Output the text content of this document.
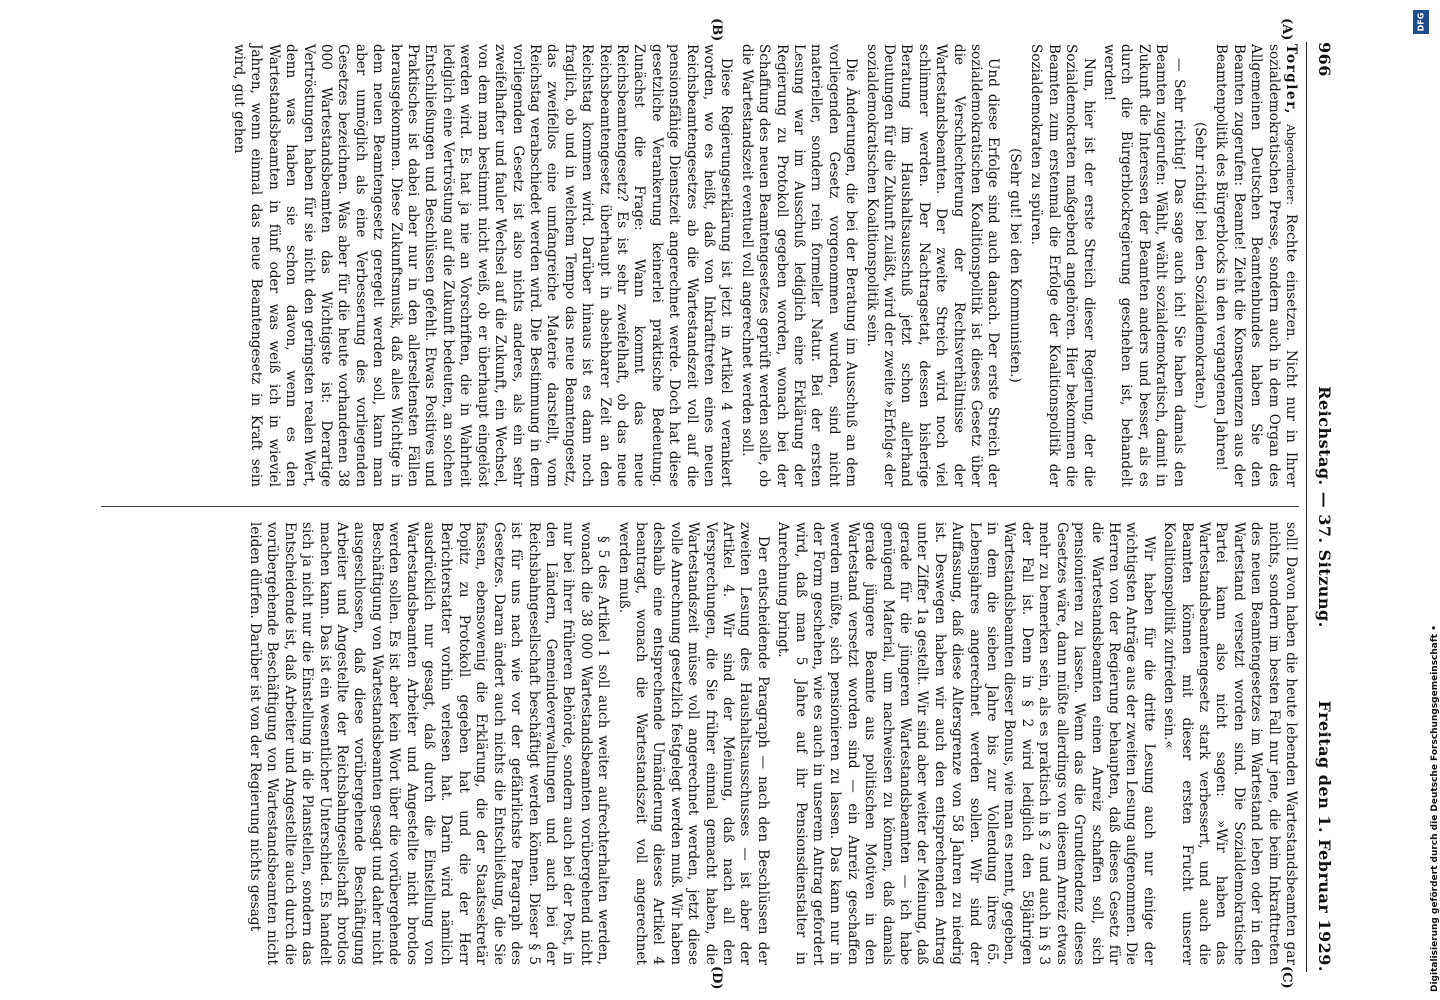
966
Reichstag. — 37. Sitzung.
Freitag den 1. Februar 1929.
(A)
(B)
(C)
(D)

Torgler, Abgeordneter: Rechte einsetzen. Nicht nur in Ihrer sozialdemokratischen Presse, sondern auch in dem Organ des Allgemeinen Deutschen Beamtenbundes haben Sie den Beamten zugerufen: Beamte! Zieht die Konsequenzen aus der Beamtenpolitik des Bürgerblocks in den vergangenen Jahren!

(Sehr richtig! bei den Sozialdemokraten.)

— Sehr richtig! Das sage auch ich! Sie haben damals den Beamten zugerufen: Wählt, wählt sozialdemokratisch, damit in Zukunft die Interessen der Beamten anders und besser, als es durch die Bürgerblockregierung geschehen ist, behandelt werden!

Nun, hier ist der erste Streich dieser Regierung, der die Sozialdemokraten maßgebend angehören. Hier bekommen die Beamten zum erstenmal die Erfolge der Koalitionspolitik der Sozialdemokraten zu spüren.

(Sehr gut! bei den Kommunisten.)

Und diese Erfolge sind auch danach. Der erste Streich der sozialdemokratischen Koalitionspolitik ist dieses Gesetz über die Verschlechterung der Rechtsverhältnisse der Wartestandsbeamten. Der zweite Streich wird noch viel schlimmer werden. Der Nachtragsetat, dessen bisherige Beratung im Haushaltsausschuß jetzt schon allerhand Deutungen für die Zukunft zuläßt, wird der zweite »Erfolg« der sozialdemokratischen Koalitionspolitik sein.

Die Änderungen, die bei der Beratung im Ausschuß an dem vorliegenden Gesetz vorgenommen wurden, sind nicht materieller, sondern rein formeller Natur. Bei der ersten Lesung war im Ausschuß lediglich eine Erklärung der Regierung zu Protokoll gegeben worden, wonach bei der Schaffung des neuen Beamtengesetzes geprüft werden solle, ob die Wartestandszeit eventuell voll angerechnet werden soll.

Diese Regierungserklärung ist jetzt in Artikel 4 verankert worden, wo es heißt, daß von Inkrafttreten eines neuen Reichsbeamtengesetzes ab die Wartestandszeit voll auf die pensionsfähige Dienstzeit angerechnet werde. Doch hat diese gesetzliche Verankerung keinerlei praktische Bedeutung. Zunächst die Frage: Wann kommt das neue Reichsbeamtengesetz? Es ist sehr zweifelhaft, ob das neue Reichsbeamtengesetz überhaupt in absehbarer Zeit an den Reichstag kommen wird. Darüber hinaus ist es dann noch fraglich, ob und in welchem Tempo das neue Beamtengesetz, das zweifellos eine umfangreiche Materie darstellt, vom Reichstag verabschiedet werden wird. Die Bestimmung in dem vorliegenden Gesetz ist also nichts anderes, als ein sehr zweifelhafter und fauler Wechsel auf die Zukunft, ein Wechsel, von dem man bestimmt nicht weiß, ob er überhaupt eingelöst werden wird. Es hat ja nie an Vorschriften, die in Wahrheit lediglich eine Vertröstung auf die Zukunft bedeuten, an solchen Entschließungen und Beschlüssen gefehlt. Etwas Positives und Praktisches ist dabei aber nur in den allerseltensten Fällen herausgekommen. Diese Zukunftsmusik, daß alles Wichtige in dem neuen Beamtengesetz geregelt werden soll, kann man aber unmöglich als eine Verbesserung des vorliegenden Gesetzes bezeichnen. Was aber für die heute vorhandenen 38 000 Wartestandsbeamten das Wichtigste ist: Derartige Vertröstungen haben für sie nicht den geringsten realen Wert, denn was haben sie schon davon, wenn es den Wartestandsbeamten in fünf oder was weiß ich in wieviel Jahren, wenn einmal das neue Beamtengesetz in Kraft sein wird, gut gehen

soll! Davon haben die heute lebenden Wartestandsbeamten gar nichts, sondern im besten Fall nur jene, die beim Inkrafttreten des neuen Beamtengesetzes im Wartestand leben oder in den Wartestand versetzt worden sind. Die Sozialdemokratische Partei kann also nicht sagen: »Wir haben das Wartestandsbeamtengesetz stark verbessert, und auch die Beamten können mit dieser ersten Frucht unserer Koalitionspolitik zufrieden sein.«

Wir haben für die dritte Lesung auch nur einige der wichtigsten Anträge aus der zweiten Lesung aufgenommen. Die Herren von der Regierung behaupten, daß dieses Gesetz für die Wartestandsbeamten einen Anreiz schaffen soll, sich pensionieren zu lassen. Wenn das die Grundtendenz dieses Gesetzes wäre, dann müßte allerdings von diesem Anreiz etwas mehr zu bemerken sein, als es praktisch in § 2 und auch in § 3 der Fall ist. Denn in § 2 wird lediglich den 58jährigen Wartestandsbeamten dieser Bonus, wie man es nennt, gegeben, in dem die sieben Jahre bis zur Vollendung ihres 65. Lebensjahres angerechnet werden sollen. Wir sind der Auffassung, daß diese Altersgrenze von 58 Jahren zu niedrig ist. Deswegen haben wir auch den entsprechenden Antrag unter Ziffer 1a gestellt. Wir sind aber weiter der Meinung, daß gerade für die jüngeren Wartestandsbeamten — ich habe genügend Material, um nachweisen zu können, daß damals gerade jüngere Beamte aus politischen Motiven in den Wartestand versetzt worden sind — ein Anreiz geschaffen werden müßte, sich pensionieren zu lassen. Das kann nur in der Form geschehen, wie es auch in unserem Antrag gefordert wird, daß man 5 Jahre auf ihr Pensionsdienstalter in Anrechnung bringt.

Der entscheidende Paragraph — nach den Beschlüssen der zweiten Lesung des Haushaltsausschusses — ist aber der Artikel 4. Wir sind der Meinung, daß nach all den Versprechungen, die Sie früher einmal gemacht haben, die Wartestandszeit müsse voll angerechnet werden, jetzt diese volle Anrechnung gesetzlich festgelegt werden muß. Wir haben deshalb eine entsprechende Umänderung dieses Artikel 4 beantragt, wonach die Wartestandszeit voll angerechnet werden muß.

§ 5 des Artikel 1 soll auch weiter aufrechterhalten werden, wonach die 38 000 Wartestandsbeamten vorübergehend nicht nur bei ihrer früheren Behörde, sondern auch bei der Post, in den Ländern, Gemeindeverwaltungen und auch bei der Reichsbahngesellschaft beschäftigt werden können. Dieser § 5 ist für uns nach wie vor der gefährlichste Paragraph des Gesetzes. Daran ändert auch nichts die Entschließung, die Sie fassen, ebensowenig die Erklärung, die der Staatssekretär Popitz zu Protokoll gegeben hat und die der Herr Berichterstatter vorhin verlesen hat. Darin wird nämlich ausdrücklich nur gesagt, daß durch die Einstellung von Wartestandsbeamten Arbeiter und Angestellte nicht brotlos werden sollen. Es ist aber kein Wort über die vorübergehende Beschäftigung von Wartestandsbeamten gesagt und daher nicht ausgeschlossen, daß diese vorübergehende Beschäftigung Arbeiter und Angestellte der Reichsbahngesellschaft brotlos machen kann. Das ist ein wesentlicher Unterschied. Es handelt sich ja nicht nur die Einstellung in die Planstellen, sondern das Entscheidende ist, daß Arbeiter und Angestellte auch durch die vorübergehende Beschäftigung von Wartestandsbeamten nicht leiden dürfen. Darüber ist von der Regierung nichts gesagt	Digitalisierung gefördert durch die Deutsche Forschungsgemeinschaft •
DFG
